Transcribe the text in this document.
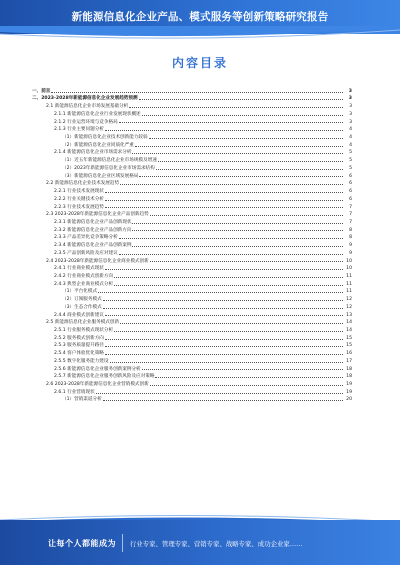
新能源信息化企业产品、模式服务等创新策略研究报告
内容目录
一、前言	3
二、2023-2028年新能源信息化企业发展趋势预测	3
2.1 新能源信息化企业市场发展基础分析	3
2.1.1 新能源信息化企业行业发展现状概述	3
2.1.2 行业运营环境与竞争格局	3
2.1.3 行业主要问题分析	4
（1）新能源信息化企业技术创新能力较弱	4
（2）新能源信息化企业同质化严重	4
2.1.4 新能源信息化企业市场需求分析	5
（1）近五年新能源信息化企业市场规模及增速	5
（2）2023年新能源信息化企业市场需求结构	5
（3）新能源信息化企业区域发展格局	6
2.2 新能源信息化企业技术发展趋势	6
2.2.1 行业技术发展现状	6
2.2.2 行业关键技术分析	6
2.2.3 行业技术发展趋势	7
2.3 2023-2028年新能源信息化企业产品创新趋势	7
2.3.1 新能源信息化企业产品创新现状	7
2.3.2 新能源信息化企业产品创新方向	8
2.3.3 产品差异化竞争策略分析	8
2.3.4 新能源信息化企业产品创新案例	9
2.3.5 产品创新风险及应对建议	9
2.4 2023-2028年新能源信息化企业商业模式创新	10
2.4.1 行业商业模式现状	10
2.4.2 行业商业模式创新方向	11
2.4.3 典型企业商业模式分析	11
（1）平台化模式	11
（2）订阅服务模式	12
（3）生态合作模式	12
2.4.4 商业模式创新建议	13
2.5 新能源信息化企业服务模式创新	14
2.5.1 行业服务模式现状分析	14
2.5.2 服务模式创新方向	15
2.5.3 服务质量提升路径	15
2.5.4 客户体验优化策略	16
2.5.5 数字化服务能力建设	17
2.5.6 新能源信息化企业服务创新案例分析	18
2.5.7 新能源信息化企业服务创新风险及应对策略	18
2.6 2023-2028年新能源信息化企业营销模式创新	19
2.6.1 行业营销现状	19
（1）营销渠道分析	20
让每个人都能成为 行业专家、管理专家、营销专家、战略专家、成功企业家……
